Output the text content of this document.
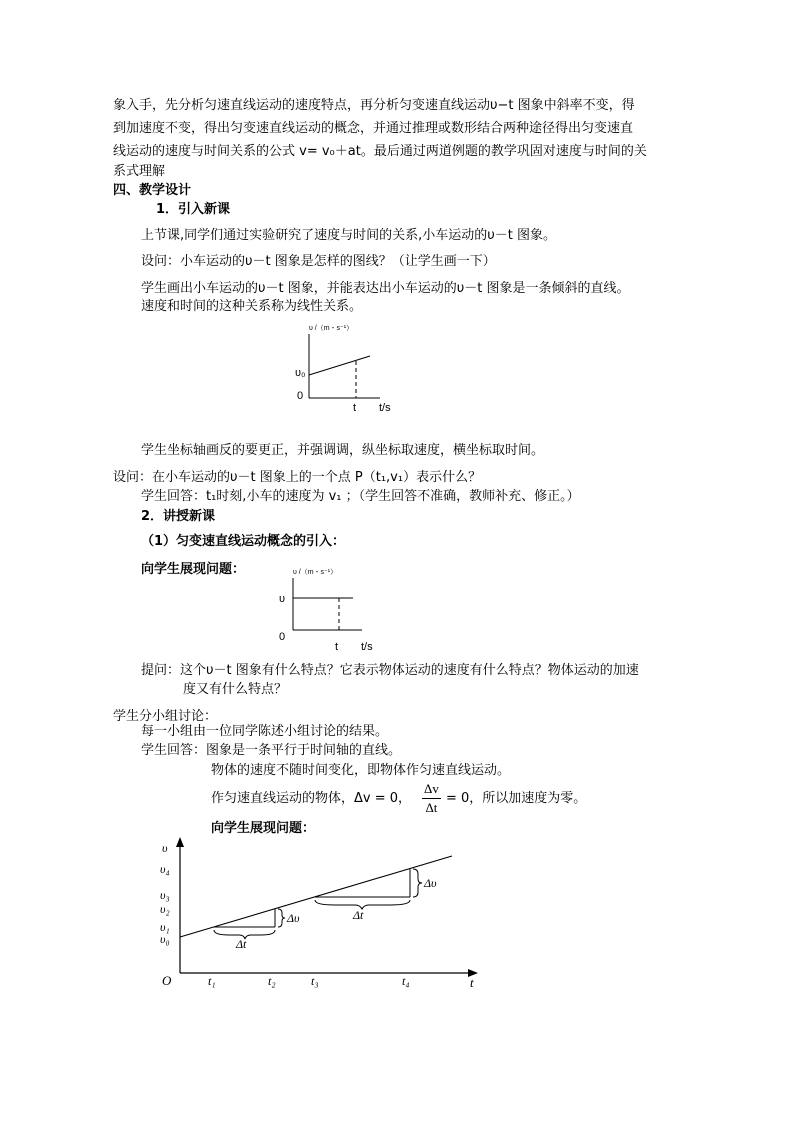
象入手，先分析匀速直线运动的速度特点，再分析匀变速直线运动υ−t 图象中斜率不变，得
到加速度不变，得出匀变速直线运动的概念，并通过推理或数形结合两种途径得出匀变速直
线运动的速度与时间关系的公式 v= v₀＋at。最后通过两道例题的教学巩固对速度与时间的关
系式理解
四、教学设计
1．引入新课
上节课,同学们通过实验研究了速度与时间的关系,小车运动的υ－t 图象。
设问：小车运动的υ－t 图象是怎样的图线？（让学生画一下）
学生画出小车运动的υ－t 图象，并能表达出小车运动的υ－t 图象是一条倾斜的直线。
速度和时间的这种关系称为线性关系。
υ /（m・s⁻¹）
υ₀
0
t t/s
学生坐标轴画反的要更正，并强调调，纵坐标取速度，横坐标取时间。
设问：在小车运动的υ－t 图象上的一个点 P（t₁,v₁）表示什么？
学生回答：t₁时刻,小车的速度为 v₁ ；（学生回答不准确，教师补充、修正。）
2．讲授新课
（1）匀变速直线运动概念的引入：
向学生展现问题：	υ /（m・s⁻¹）
υ
0
t t/s
提问：这个υ－t 图象有什么特点？它表示物体运动的速度有什么特点？物体运动的加速
度又有什么特点？
学生分小组讨论：
每一小组由一位同学陈述小组讨论的结果。
学生回答：图象是一条平行于时间轴的直线。
物体的速度不随时间变化，即物体作匀速直线运动。
作匀速直线运动的物体，Δv = 0， $\frac{\Delta v}{\Delta t} = 0$，所以加速度为零。
向学生展现问题：
υ
υ₄
υ₃
υ₂
υ₁
υ₀
O	t₁	t₂	t₃	t₄	t
Δυ
Δt
Δυ
Δt
